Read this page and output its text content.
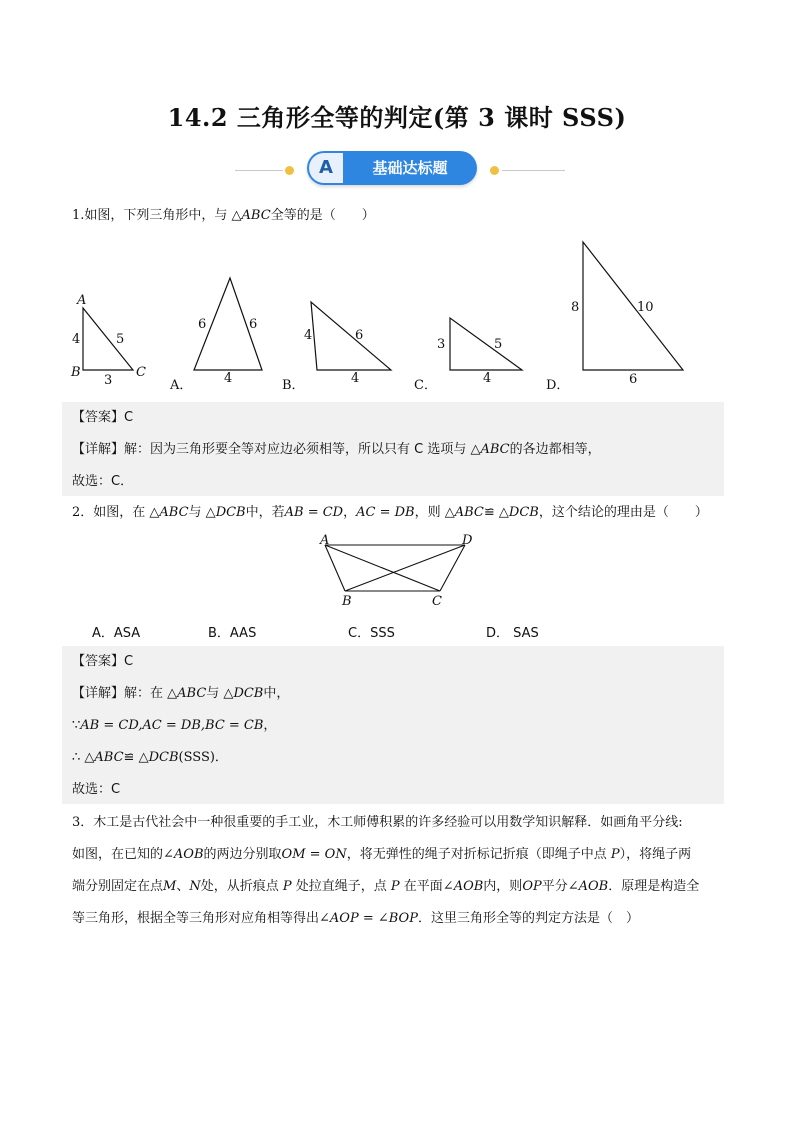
14.2 三角形全等的判定(第 3 课时 SSS)
A	基础达标题
1.如图，下列三角形中，与 △ABC全等的是（　　）
A
B	C
4	5
3	A．
6	6
4	B．
4	6
4	C．
3	5
4	D．
8	10
6
【答案】C
【详解】解：因为三角形要全等对应边必须相等，所以只有 C 选项与 △ABC的各边都相等，
故选：C．
2．如图，在 △ABC与 △DCB中，若AB = CD，AC = DB，则 △ABC≌ △DCB，这个结论的理由是（　　）
A	D
B	C
A．ASA	B．AAS	C．SSS	D． SAS
【答案】C
【详解】解：在 △ABC与 △DCB中，
∵AB = CD,AC = DB,BC = CB，
∴ △ABC≌ △DCB(SSS)．
故选：C
3．木工是古代社会中一种很重要的手工业，木工师傅积累的许多经验可以用数学知识解释．如画角平分线:
如图，在已知的∠AOB的两边分别取OM = ON，将无弹性的绳子对折标记折痕（即绳子中点 P），将绳子两
端分别固定在点M、N处，从折痕点 P 处拉直绳子，点 P 在平面∠AOB内，则OP平分∠AOB．原理是构造全
等三角形，根据全等三角形对应角相等得出∠AOP = ∠BOP．这里三角形全等的判定方法是（　）
